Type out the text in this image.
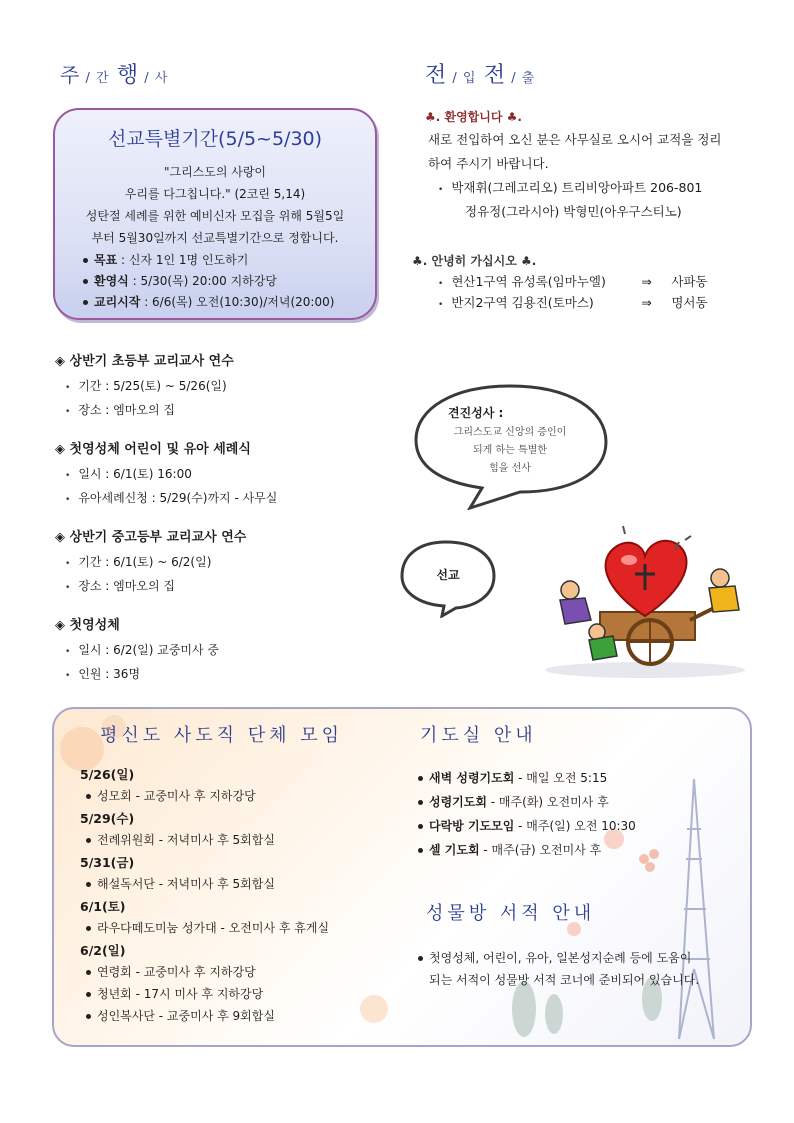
주 / 간 행 / 사	전 / 입 전 / 출
선교특별기간(5/5~5/30)
"그리스도의 사랑이
우리를 다그칩니다." (2코린 5,14)
성탄절 세례를 위한 예비신자 모집을 위해 5월5일
부터 5월30일까지 선교특별기간으로 정합니다.
목표 : 신자 1인 1명 인도하기
환영식 : 5/30(목) 20:00 지하강당
교리시작 : 6/6(목) 오전(10:30)/저녁(20:00)
♣. 환영합니다 ♣.
새로 전입하여 오신 분은 사무실로 오시어 교적을 정리
하여 주시기 바랍니다.
• 박재휘(그레고리오) 트리비앙아파트 206-801
정유정(그라시아) 박형민(아우구스티노)
♣. 안녕히 가십시오 ♣.
• 현산1구역 유성록(임마누엘)	⇒ 사파동
• 반지2구역 김용진(토마스)	⇒ 명서동
◈ 상반기 초등부 교리교사 연수
• 기간 : 5/25(토) ~ 5/26(일)
• 장소 : 엠마오의 집
◈ 첫영성체 어린이 및 유아 세례식
• 일시 : 6/1(토) 16:00
• 유아세례신청 : 5/29(수)까지 - 사무실
◈ 상반기 중고등부 교리교사 연수
• 기간 : 6/1(토) ~ 6/2(일)
• 장소 : 엠마오의 집
◈ 첫영성체
• 일시 : 6/2(일) 교중미사 중
• 인원 : 36명
견진성사 :
그리스도교 신앙의 증인이
되게 하는 특별한
힘을 선사
선교
평신도 사도직 단체 모임
5/26(일)
성모회 - 교중미사 후 지하강당
5/29(수)
전례위원회 - 저녁미사 후 5회합실
5/31(금)
해설독서단 - 저녁미사 후 5회합실
6/1(토)
라우다떼도미눔 성가대 - 오전미사 후 휴게실
6/2(일)
연령회 - 교중미사 후 지하강당
청년회 - 17시 미사 후 지하강당
성인복사단 - 교중미사 후 9회합실
기도실 안내
새벽 성령기도회 - 매일 오전 5:15
성령기도회 - 매주(화) 오전미사 후
다락방 기도모임 - 매주(일) 오전 10:30
셀 기도회 - 매주(금) 오전미사 후
성물방 서적 안내
첫영성체, 어린이, 유아, 일본성지순례 등에 도움이
되는 서적이 성물방 서적 코너에 준비되어 있습니다.
